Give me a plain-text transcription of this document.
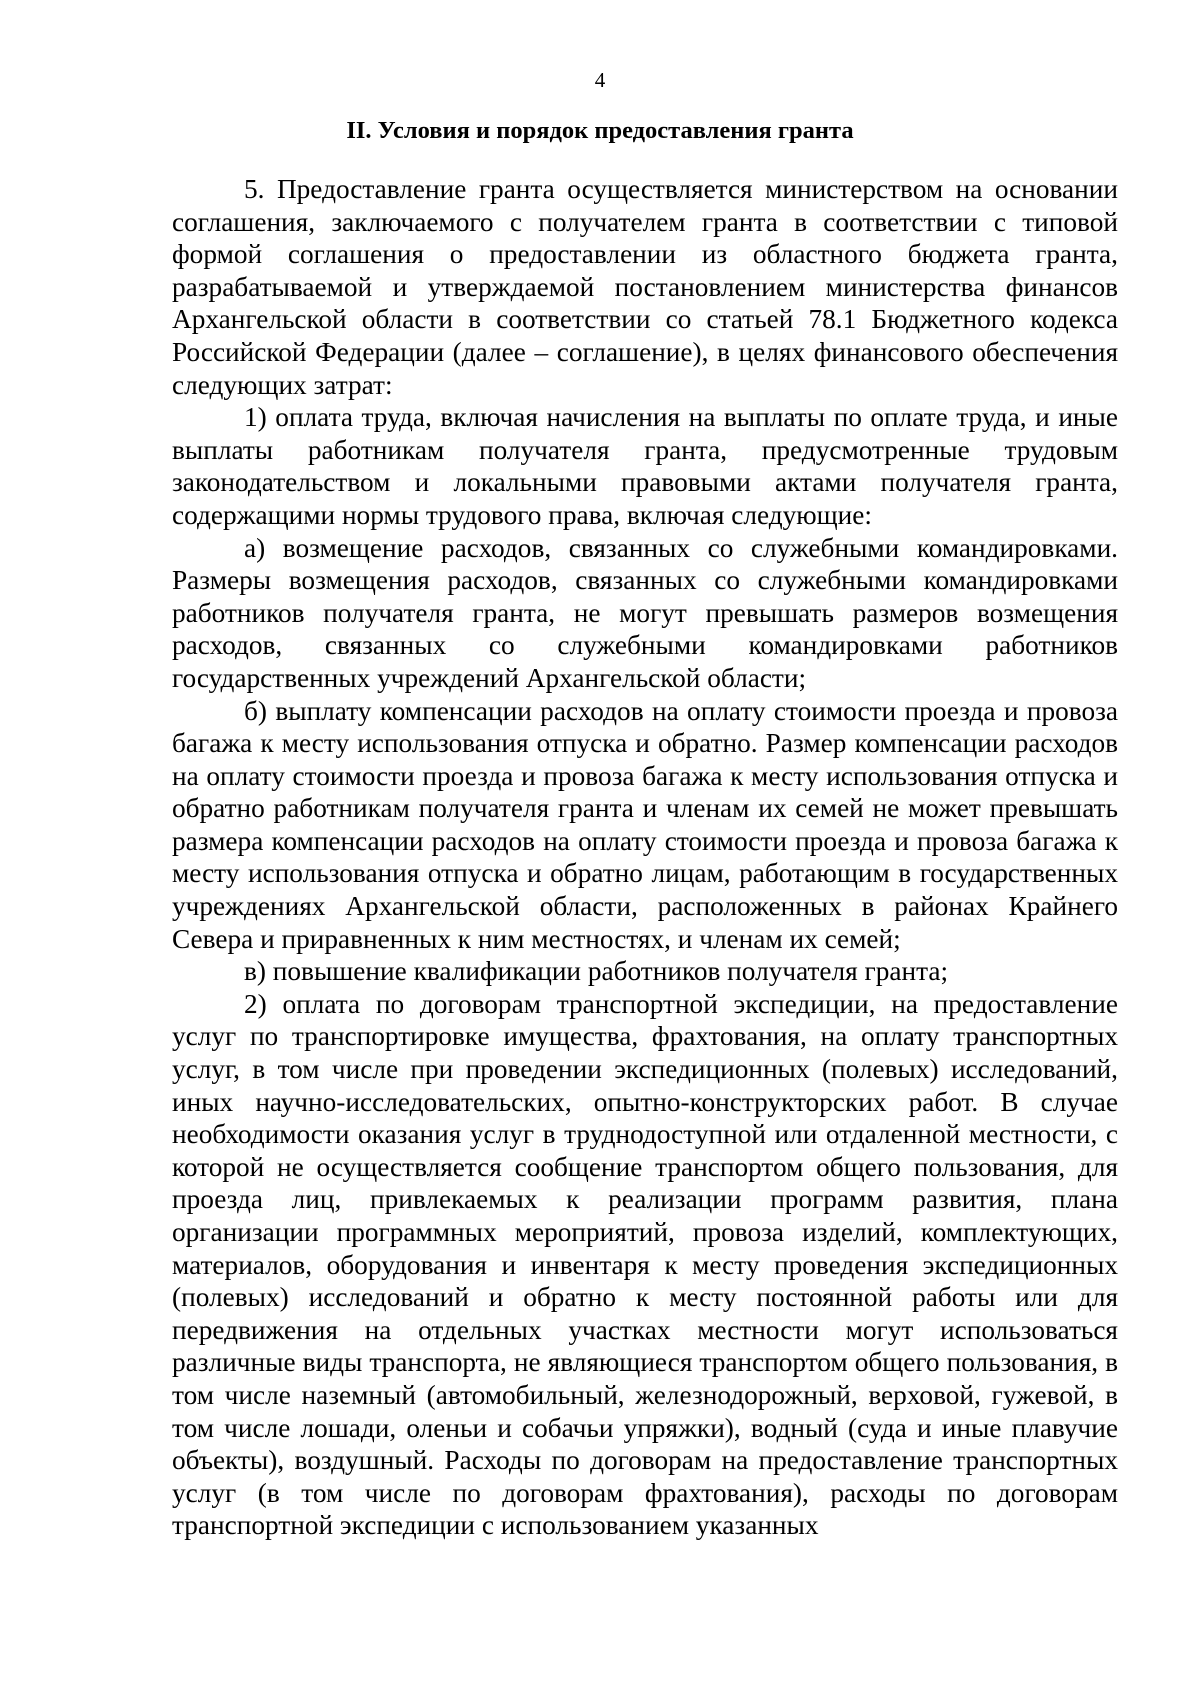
4
II. Условия и порядок предоставления гранта

5. Предоставление гранта осуществляется министерством на основании соглашения, заключаемого с получателем гранта в соответствии с типовой формой соглашения о предоставлении из областного бюджета гранта, разрабатываемой и утверждаемой постановлением министерства финансов Архангельской области в соответствии со статьей 78.1 Бюджетного кодекса Российской Федерации (далее – соглашение), в целях финансового обеспечения следующих затрат:

1) оплата труда, включая начисления на выплаты по оплате труда, и иные выплаты работникам получателя гранта, предусмотренные трудовым законодательством и локальными правовыми актами получателя гранта, содержащими нормы трудового права, включая следующие:

а) возмещение расходов, связанных со служебными командировками. Размеры возмещения расходов, связанных со служебными командировками работников получателя гранта, не могут превышать размеров возмещения расходов, связанных со служебными командировками работников государственных учреждений Архангельской области;

б) выплату компенсации расходов на оплату стоимости проезда и провоза багажа к месту использования отпуска и обратно. Размер компенсации расходов на оплату стоимости проезда и провоза багажа к месту использования отпуска и обратно работникам получателя гранта и членам их семей не может превышать размера компенсации расходов на оплату стоимости проезда и провоза багажа к месту использования отпуска и обратно лицам, работающим в государственных учреждениях Архангельской области, расположенных в районах Крайнего Севера и приравненных к ним местностях, и членам их семей;

в) повышение квалификации работников получателя гранта;

2) оплата по договорам транспортной экспедиции, на предоставление услуг по транспортировке имущества, фрахтования, на оплату транспортных услуг, в том числе при проведении экспедиционных (полевых) исследований, иных научно-исследовательских, опытно-конструкторских работ. В случае необходимости оказания услуг в труднодоступной или отдаленной местности, с которой не осуществляется сообщение транспортом общего пользования, для проезда лиц, привлекаемых к реализации программ развития, плана организации программных мероприятий, провоза изделий, комплектующих, материалов, оборудования и инвентаря к месту проведения экспедиционных (полевых) исследований и обратно к месту постоянной работы или для передвижения на отдельных участках местности могут использоваться различные виды транспорта, не являющиеся транспортом общего пользования, в том числе наземный (автомобильный, железнодорожный, верховой, гужевой, в том числе лошади, оленьи и собачьи упряжки), водный (суда и иные плавучие объекты), воздушный. Расходы по договорам на предоставление транспортных услуг (в том числе по договорам фрахтования), расходы по договорам транспортной экспедиции с использованием указанных
